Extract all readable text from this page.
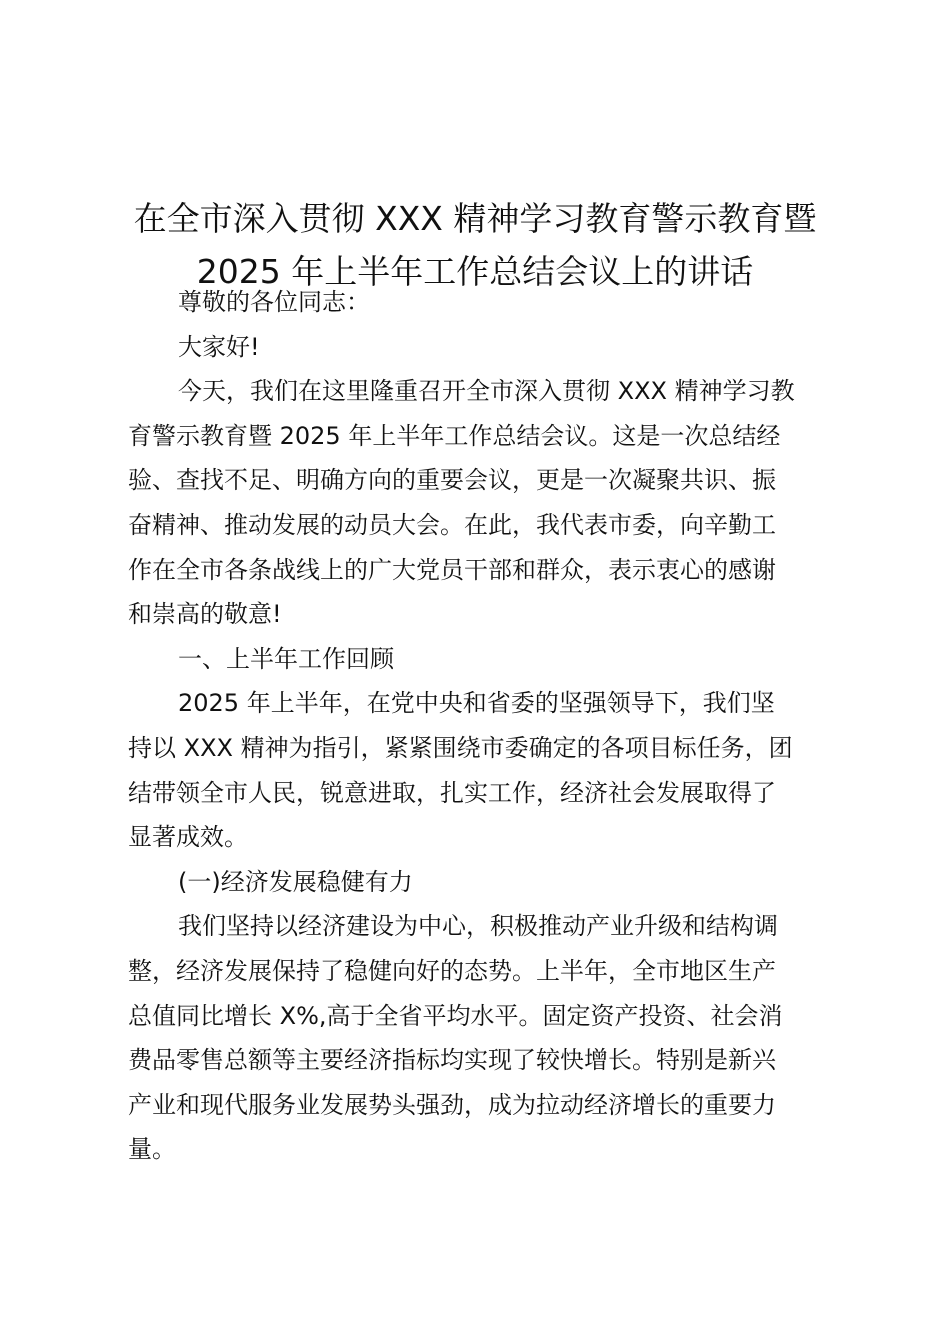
在全市深入贯彻 XXX 精神学习教育警示教育暨
2025 年上半年工作总结会议上的讲话

尊敬的各位同志：

大家好!

今天，我们在这里隆重召开全市深入贯彻 XXX 精神学习教
育警示教育暨 2025 年上半年工作总结会议。这是一次总结经
验、查找不足、明确方向的重要会议，更是一次凝聚共识、振
奋精神、推动发展的动员大会。在此，我代表市委，向辛勤工
作在全市各条战线上的广大党员干部和群众，表示衷心的感谢
和崇高的敬意!

一、上半年工作回顾

2025 年上半年，在党中央和省委的坚强领导下，我们坚
持以 XXX 精神为指引，紧紧围绕市委确定的各项目标任务，团
结带领全市人民，锐意进取，扎实工作，经济社会发展取得了
显著成效。

(一)经济发展稳健有力

我们坚持以经济建设为中心，积极推动产业升级和结构调
整，经济发展保持了稳健向好的态势。上半年，全市地区生产
总值同比增长 X%,高于全省平均水平。固定资产投资、社会消
费品零售总额等主要经济指标均实现了较快增长。特别是新兴
产业和现代服务业发展势头强劲，成为拉动经济增长的重要力
量。
